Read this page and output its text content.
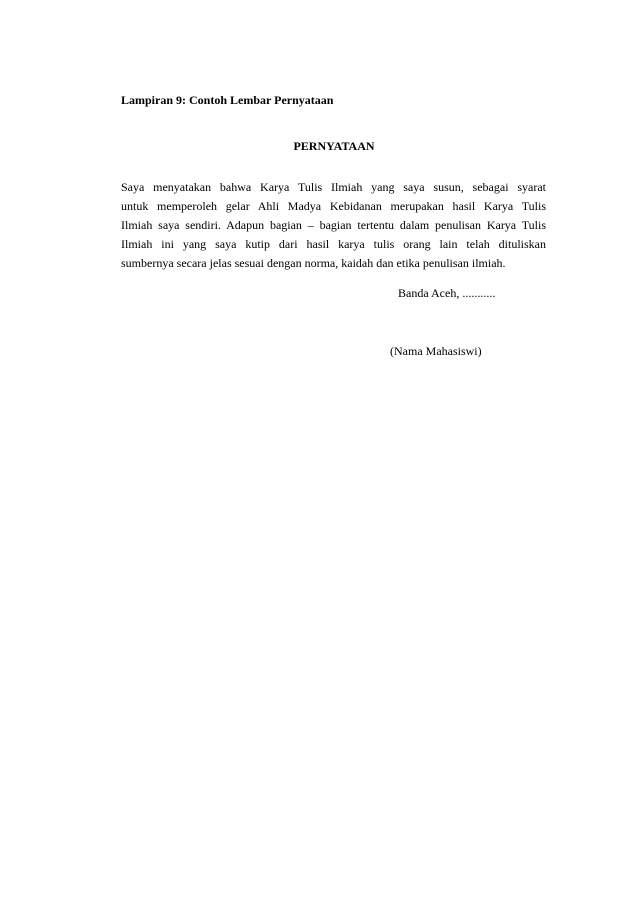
Lampiran 9: Contoh Lembar Pernyataan
PERNYATAAN
Saya menyatakan bahwa Karya Tulis Ilmiah yang saya susun, sebagai syarat
untuk memperoleh gelar Ahli Madya Kebidanan merupakan hasil Karya Tulis
Ilmiah saya sendiri. Adapun bagian – bagian tertentu dalam penulisan Karya Tulis
Ilmiah ini yang saya kutip dari hasil karya tulis orang lain telah dituliskan
sumbernya secara jelas sesuai dengan norma, kaidah dan etika penulisan ilmiah.
Banda Aceh, ...........
(Nama Mahasiswi)
